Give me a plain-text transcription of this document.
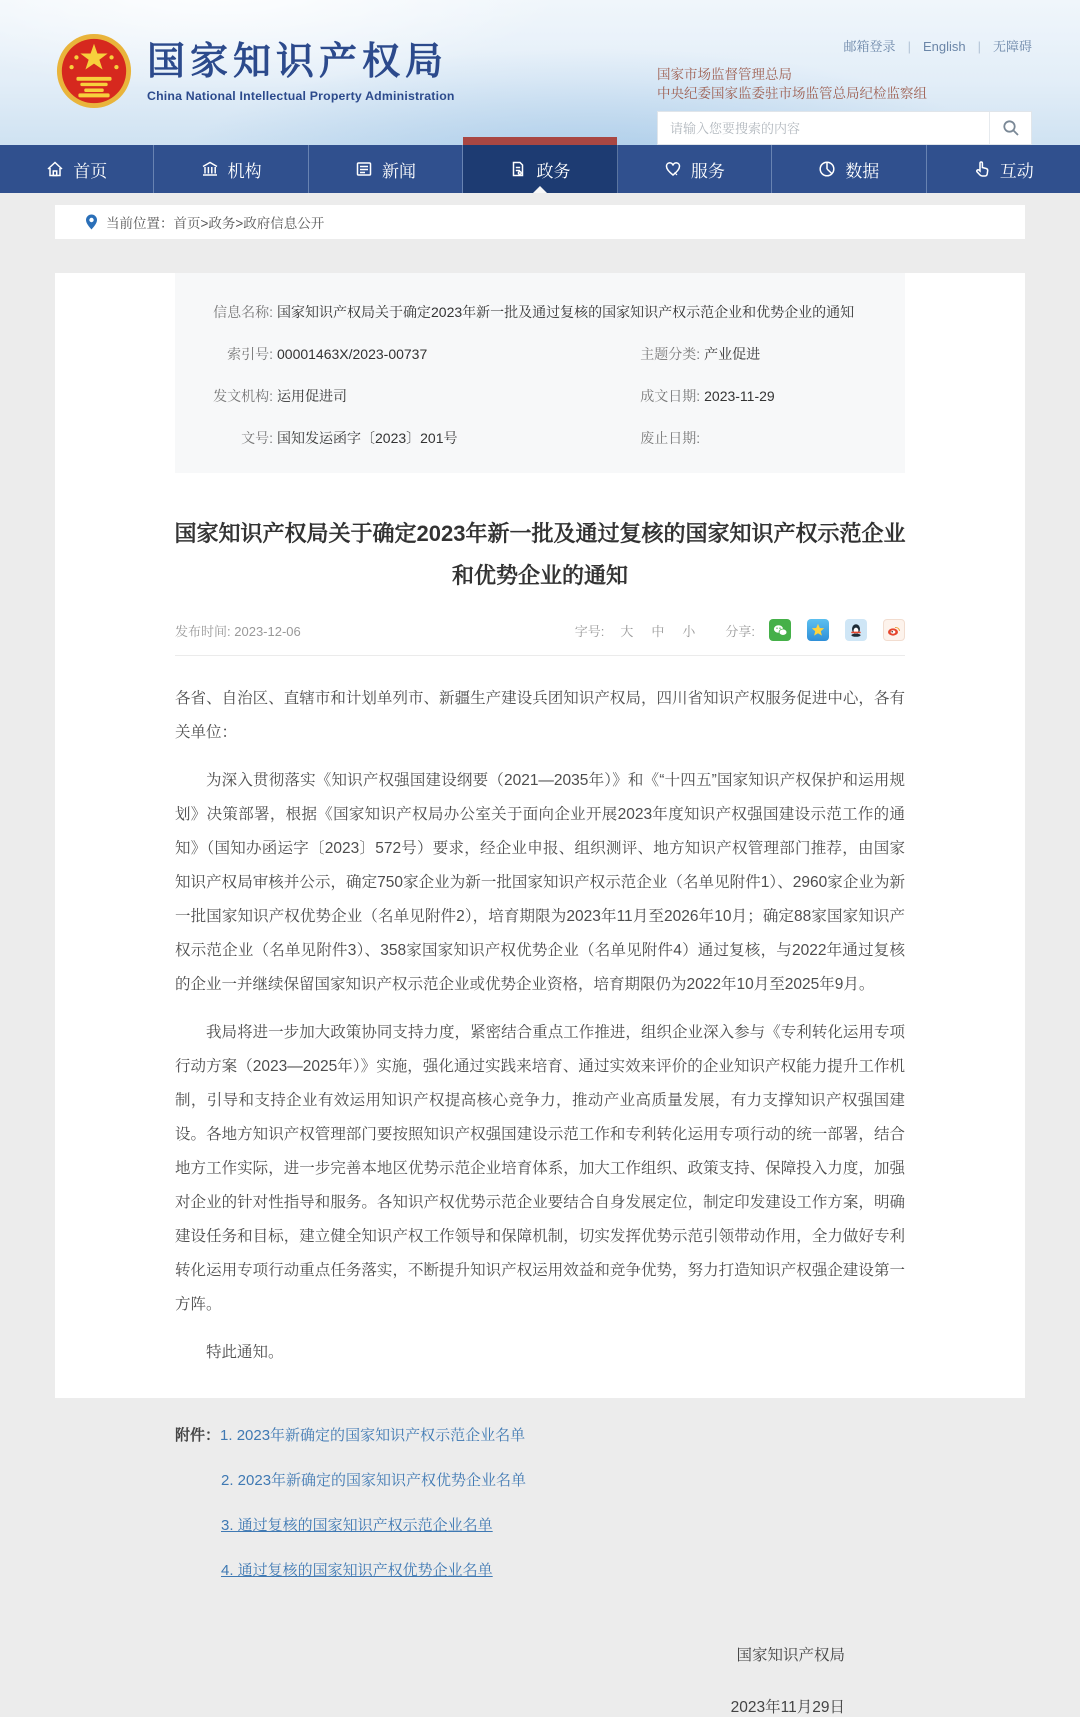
国家知识产权局
China National Intellectual Property Administration
邮箱登录 | English | 无障碍
国家市场监督管理总局
中央纪委国家监委驻市场监管总局纪检监察组
请输入您要搜索的内容
首页	机构	新闻	政务	服务	数据	互动
当前位置： 首页>政务>政府信息公开
信息名称: 国家知识产权局关于确定2023年新一批及通过复核的国家知识产权示范企业和优势企业的通知
索引号: 00001463X/2023-00737	主题分类: 产业促进
发文机构: 运用促进司	成文日期: 2023-11-29
文号: 国知发运函字〔2023〕201号	废止日期:
国家知识产权局关于确定2023年新一批及通过复核的国家知识产权示范企业
和优势企业的通知
发布时间: 2023-12-06	字号: 大 中 小 分享:

各省、自治区、直辖市和计划单列市、新疆生产建设兵团知识产权局，四川省知识产权服务促进中心，各有关单位：

为深入贯彻落实《知识产权强国建设纲要（2021—2035年）》和《“十四五”国家知识产权保护和运用规划》决策部署，根据《国家知识产权局办公室关于面向企业开展2023年度知识产权强国建设示范工作的通知》（国知办函运字〔2023〕572号）要求，经企业申报、组织测评、地方知识产权管理部门推荐，由国家知识产权局审核并公示，确定750家企业为新一批国家知识产权示范企业（名单见附件1）、2960家企业为新一批国家知识产权优势企业（名单见附件2），培育期限为2023年11月至2026年10月；确定88家国家知识产权示范企业（名单见附件3）、358家国家知识产权优势企业（名单见附件4）通过复核，与2022年通过复核的企业一并继续保留国家知识产权示范企业或优势企业资格，培育期限仍为2022年10月至2025年9月。

我局将进一步加大政策协同支持力度，紧密结合重点工作推进，组织企业深入参与《专利转化运用专项行动方案（2023—2025年）》实施，强化通过实践来培育、通过实效来评价的企业知识产权能力提升工作机制，引导和支持企业有效运用知识产权提高核心竞争力，推动产业高质量发展，有力支撑知识产权强国建设。各地方知识产权管理部门要按照知识产权强国建设示范工作和专利转化运用专项行动的统一部署，结合地方工作实际，进一步完善本地区优势示范企业培育体系，加大工作组织、政策支持、保障投入力度，加强对企业的针对性指导和服务。各知识产权优势示范企业要结合自身发展定位，制定印发建设工作方案，明确建设任务和目标，建立健全知识产权工作领导和保障机制，切实发挥优势示范引领带动作用，全力做好专利转化运用专项行动重点任务落实，不断提升知识产权运用效益和竞争优势，努力打造知识产权强企建设第一方阵。

特此通知。

附件： 1. 2023年新确定的国家知识产权示范企业名单
2. 2023年新确定的国家知识产权优势企业名单
3. 通过复核的国家知识产权示范企业名单
4. 通过复核的国家知识产权优势企业名单
国家知识产权局
2023年11月29日
